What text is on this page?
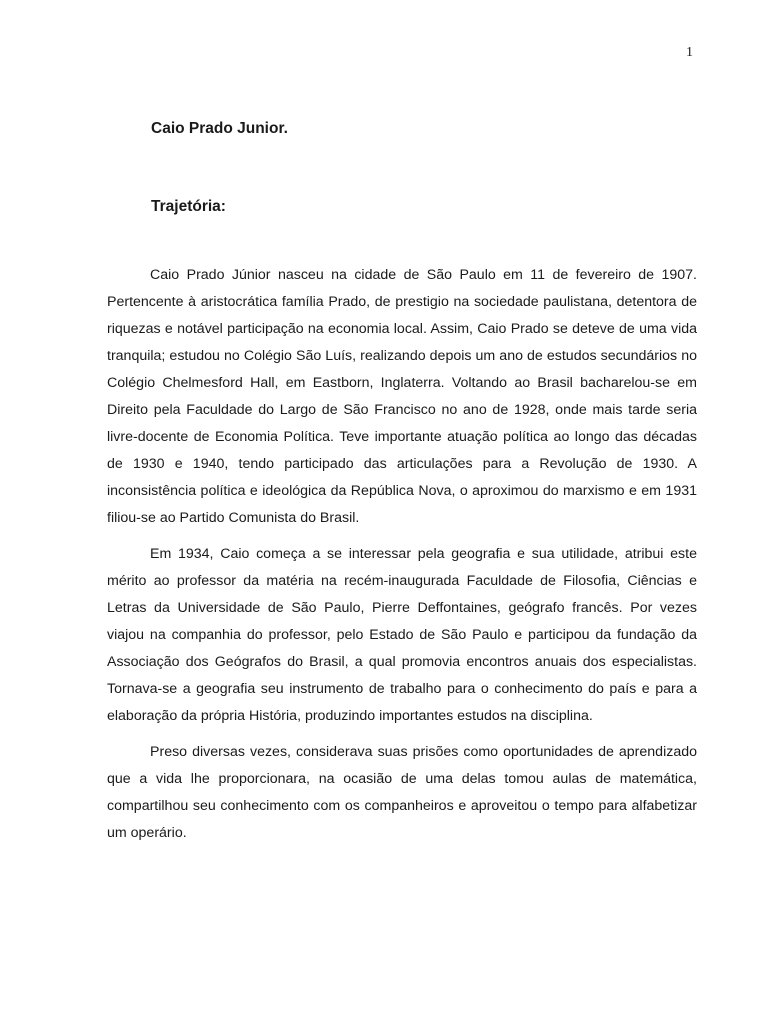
1
Caio Prado Junior.
Trajetória:

Caio Prado Júnior nasceu na cidade de São Paulo em 11 de fevereiro de 1907. Pertencente à aristocrática família Prado, de prestigio na sociedade paulistana, detentora de riquezas e notável participação na economia local. Assim, Caio Prado se deteve de uma vida tranquila; estudou no Colégio São Luís, realizando depois um ano de estudos secundários no Colégio Chelmesford Hall, em Eastborn, Inglaterra. Voltando ao Brasil bacharelou-se em Direito pela Faculdade do Largo de São Francisco no ano de 1928, onde mais tarde seria livre-docente de Economia Política. Teve importante atuação política ao longo das décadas de 1930 e 1940, tendo participado das articulações para a Revolução de 1930. A inconsistência política e ideológica da República Nova, o aproximou do marxismo e em 1931 filiou-se ao Partido Comunista do Brasil.

Em 1934, Caio começa a se interessar pela geografia e sua utilidade, atribui este mérito ao professor da matéria na recém-inaugurada Faculdade de Filosofia, Ciências e Letras da Universidade de São Paulo, Pierre Deffontaines, geógrafo francês. Por vezes viajou na companhia do professor, pelo Estado de São Paulo e participou da fundação da Associação dos Geógrafos do Brasil, a qual promovia encontros anuais dos especialistas. Tornava-se a geografia seu instrumento de trabalho para o conhecimento do país e para a elaboração da própria História, produzindo importantes estudos na disciplina.

Preso diversas vezes, considerava suas prisões como oportunidades de aprendizado que a vida lhe proporcionara, na ocasião de uma delas tomou aulas de matemática, compartilhou seu conhecimento com os companheiros e aproveitou o tempo para alfabetizar um operário.
